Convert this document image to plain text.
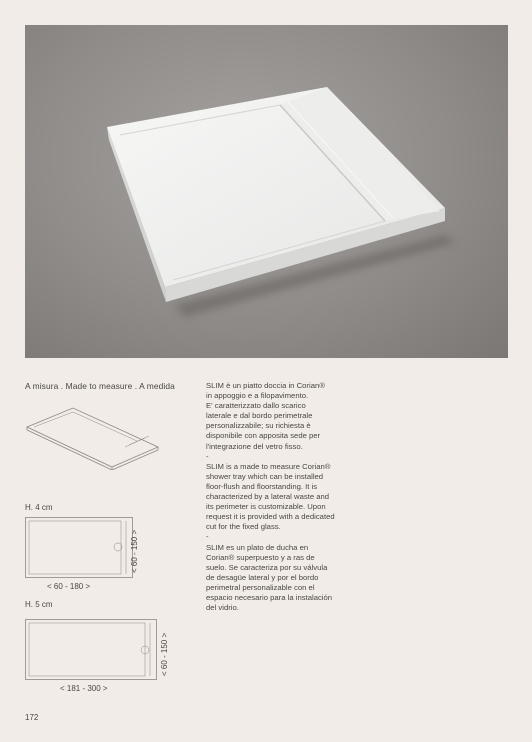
A misura . Made to measure . A medida
H. 4 cm
< 60 - 150 >
< 60 - 180 >
H. 5 cm
< 60 - 150 >
< 181 - 300 >

SLIM è un piatto doccia in Corian®

in appoggio e a filopavimento.

E' caratterizzato dallo scarico

laterale e dal bordo perimetrale

personalizzabile; su richiesta è

disponibile con apposita sede per

l'integrazione del vetro fisso.

-

SLIM is a made to measure Corian®

shower tray which can be installed

floor-flush and floorstanding. It is

characterized by a lateral waste and

its perimeter is customizable. Upon

request it is provided with a dedicated

cut for the fixed glass.

-

SLIM es un plato de ducha en

Corian® superpuesto y a ras de

suelo. Se caracteriza por su válvula

de desagüe lateral y por el bordo

perimetral personalizable con el

espacio necesario para la instalación

del vidrio.

172
